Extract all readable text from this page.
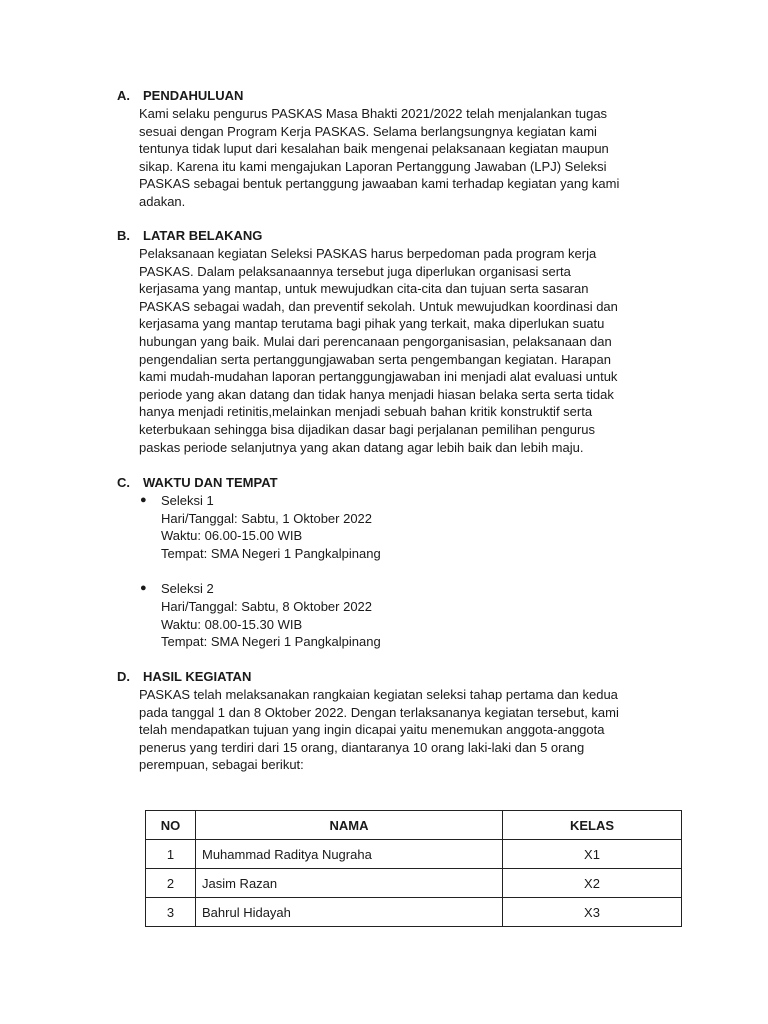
A.	PENDAHULUAN

Kami selaku pengurus PASKAS Masa Bhakti 2021/2022 telah menjalankan tugas

sesuai dengan Program Kerja PASKAS. Selama berlangsungnya kegiatan kami

tentunya tidak luput dari kesalahan baik mengenai pelaksanaan kegiatan maupun

sikap. Karena itu kami mengajukan Laporan Pertanggung Jawaban (LPJ) Seleksi

PASKAS sebagai bentuk pertanggung jawaaban kami terhadap kegiatan yang kami

adakan.

B.	LATAR BELAKANG

Pelaksanaan kegiatan Seleksi PASKAS harus berpedoman pada program kerja

PASKAS. Dalam pelaksanaannya tersebut juga diperlukan organisasi serta

kerjasama yang mantap, untuk mewujudkan cita-cita dan tujuan serta sasaran

PASKAS sebagai wadah, dan preventif sekolah. Untuk mewujudkan koordinasi dan

kerjasama yang mantap terutama bagi pihak yang terkait, maka diperlukan suatu

hubungan yang baik. Mulai dari perencanaan pengorganisasian, pelaksanaan dan

pengendalian serta pertanggungjawaban serta pengembangan kegiatan. Harapan

kami mudah-mudahan laporan pertanggungjawaban ini menjadi alat evaluasi untuk

periode yang akan datang dan tidak hanya menjadi hiasan belaka serta serta tidak

hanya menjadi retinitis,melainkan menjadi sebuah bahan kritik konstruktif serta

keterbukaan sehingga bisa dijadikan dasar bagi perjalanan pemilihan pengurus

paskas periode selanjutnya yang akan datang agar lebih baik dan lebih maju.

C.	WAKTU DAN TEMPAT
● Seleksi 1
Hari/Tanggal: Sabtu, 1 Oktober 2022
Waktu: 06.00-15.00 WIB
Tempat: SMA Negeri 1 Pangkalpinang
● Seleksi 2
Hari/Tanggal: Sabtu, 8 Oktober 2022
Waktu: 08.00-15.30 WIB
Tempat: SMA Negeri 1 Pangkalpinang
D.	HASIL KEGIATAN

PASKAS telah melaksanakan rangkaian kegiatan seleksi tahap pertama dan kedua

pada tanggal 1 dan 8 Oktober 2022. Dengan terlaksananya kegiatan tersebut, kami

telah mendapatkan tujuan yang ingin dicapai yaitu menemukan anggota-anggota

penerus yang terdiri dari 15 orang, diantaranya 10 orang laki-laki dan 5 orang

perempuan, sebagai berikut:

NO	NAMA	KELAS
1	Muhammad Raditya Nugraha	X1
2	Jasim Razan	X2
3	Bahrul Hidayah	X3
